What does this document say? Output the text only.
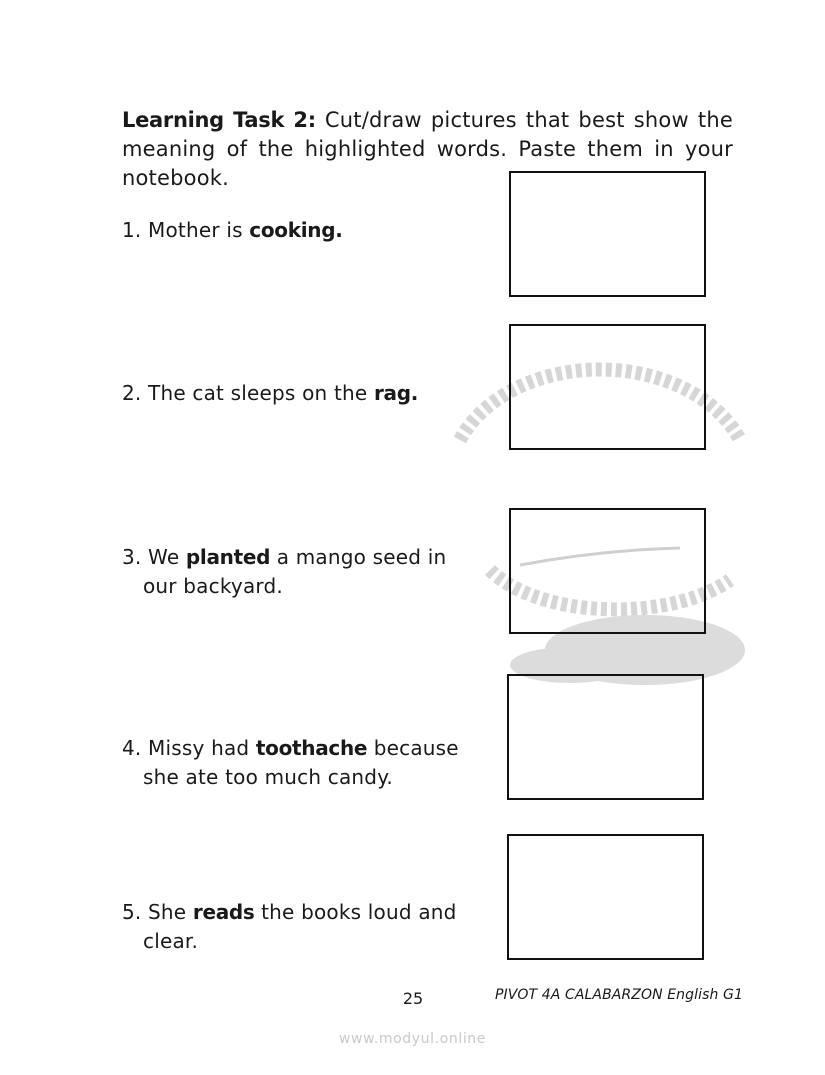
Learning Task 2: Cut/draw pictures that best show the meaning of the highlighted words. Paste them in your notebook.
1. Mother is cooking.
2. The cat sleeps on the rag.
3. We planted a mango seed in
our backyard.
4. Missy had toothache because
she ate too much candy.
5. She reads the books loud and
clear.
25	PIVOT 4A CALABARZON English G1
www.modyul.online
